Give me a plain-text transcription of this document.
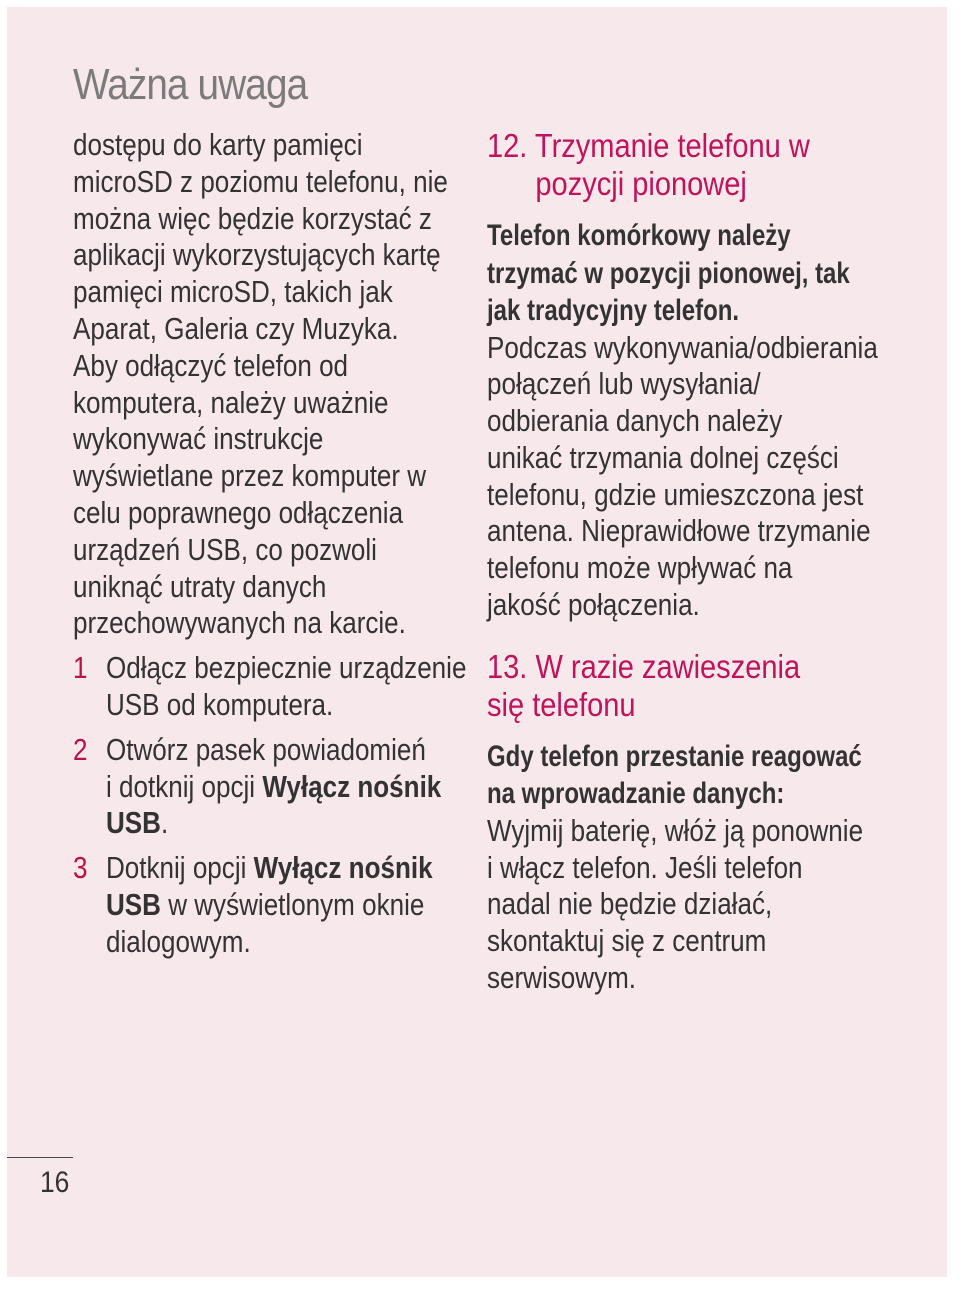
Ważna uwaga
dostępu do karty pamięci
microSD z poziomu telefonu, nie
można więc będzie korzystać z
aplikacji wykorzystujących kartę
pamięci microSD, takich jak
Aparat, Galeria czy Muzyka.
Aby odłączyć telefon od
komputera, należy uważnie
wykonywać instrukcje
wyświetlane przez komputer w
celu poprawnego odłączenia
urządzeń USB, co pozwoli
uniknąć utraty danych
przechowywanych na karcie.
1 Odłącz bezpiecznie urządzenie
USB od komputera.
2 Otwórz pasek powiadomień
i dotknij opcji Wyłącz nośnik
USB.
3 Dotknij opcji Wyłącz nośnik
USB w wyświetlonym oknie
dialogowym.
12. Trzymanie telefonu w
pozycji pionowej
Telefon komórkowy należy
trzymać w pozycji pionowej, tak
jak tradycyjny telefon.
Podczas wykonywania/odbierania
połączeń lub wysyłania/
odbierania danych należy
unikać trzymania dolnej części
telefonu, gdzie umieszczona jest
antena. Nieprawidłowe trzymanie
telefonu może wpływać na
jakość połączenia.
13. W razie zawieszenia
się telefonu
Gdy telefon przestanie reagować
na wprowadzanie danych:
Wyjmij baterię, włóż ją ponownie
i włącz telefon. Jeśli telefon
nadal nie będzie działać,
skontaktuj się z centrum
serwisowym.
16
